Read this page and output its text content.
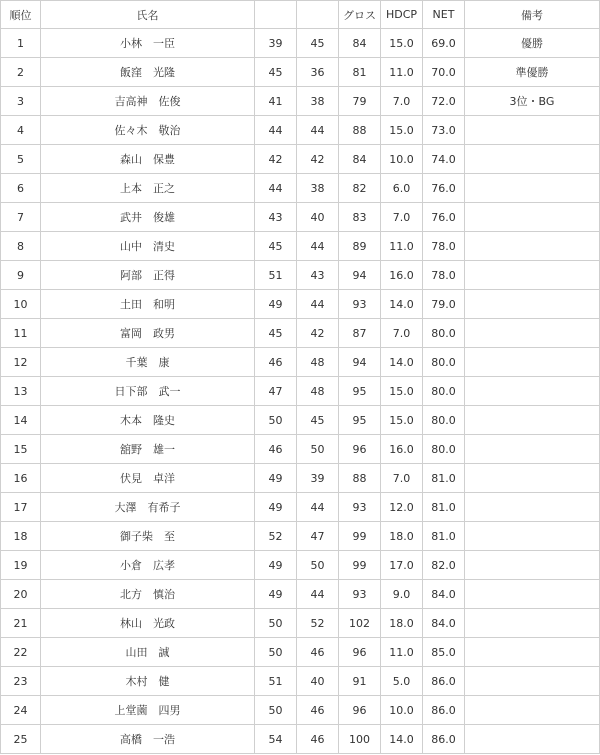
順位	氏名			グロス	HDCP	NET	備考
1	小林　一臣	39	45	84	15.0	69.0	優勝
2	飯窪　光隆	45	36	81	11.0	70.0	準優勝
3	吉高神　佐俊	41	38	79	7.0	72.0	3位・BG
4	佐々木　敬治	44	44	88	15.0	73.0	
5	森山　保豊	42	42	84	10.0	74.0	
6	上本　正之	44	38	82	6.0	76.0	
7	武井　俊雄	43	40	83	7.0	76.0	
8	山中　清史	45	44	89	11.0	78.0	
9	阿部　正得	51	43	94	16.0	78.0	
10	土田　和明	49	44	93	14.0	79.0	
11	富岡　政男	45	42	87	7.0	80.0	
12	千葉　康	46	48	94	14.0	80.0	
13	日下部　武一	47	48	95	15.0	80.0	
14	木本　隆史	50	45	95	15.0	80.0	
15	舘野　雄一	46	50	96	16.0	80.0	
16	伏見　卓洋	49	39	88	7.0	81.0	
17	大澤　有希子	49	44	93	12.0	81.0	
18	御子柴　至	52	47	99	18.0	81.0	
19	小倉　広孝	49	50	99	17.0	82.0	
20	北方　慎治	49	44	93	9.0	84.0	
21	林山　光政	50	52	102	18.0	84.0	
22	山田　誠	50	46	96	11.0	85.0	
23	木村　健	51	40	91	5.0	86.0	
24	上堂薗　四男	50	46	96	10.0	86.0	
25	高橋　一浩	54	46	100	14.0	86.0	
